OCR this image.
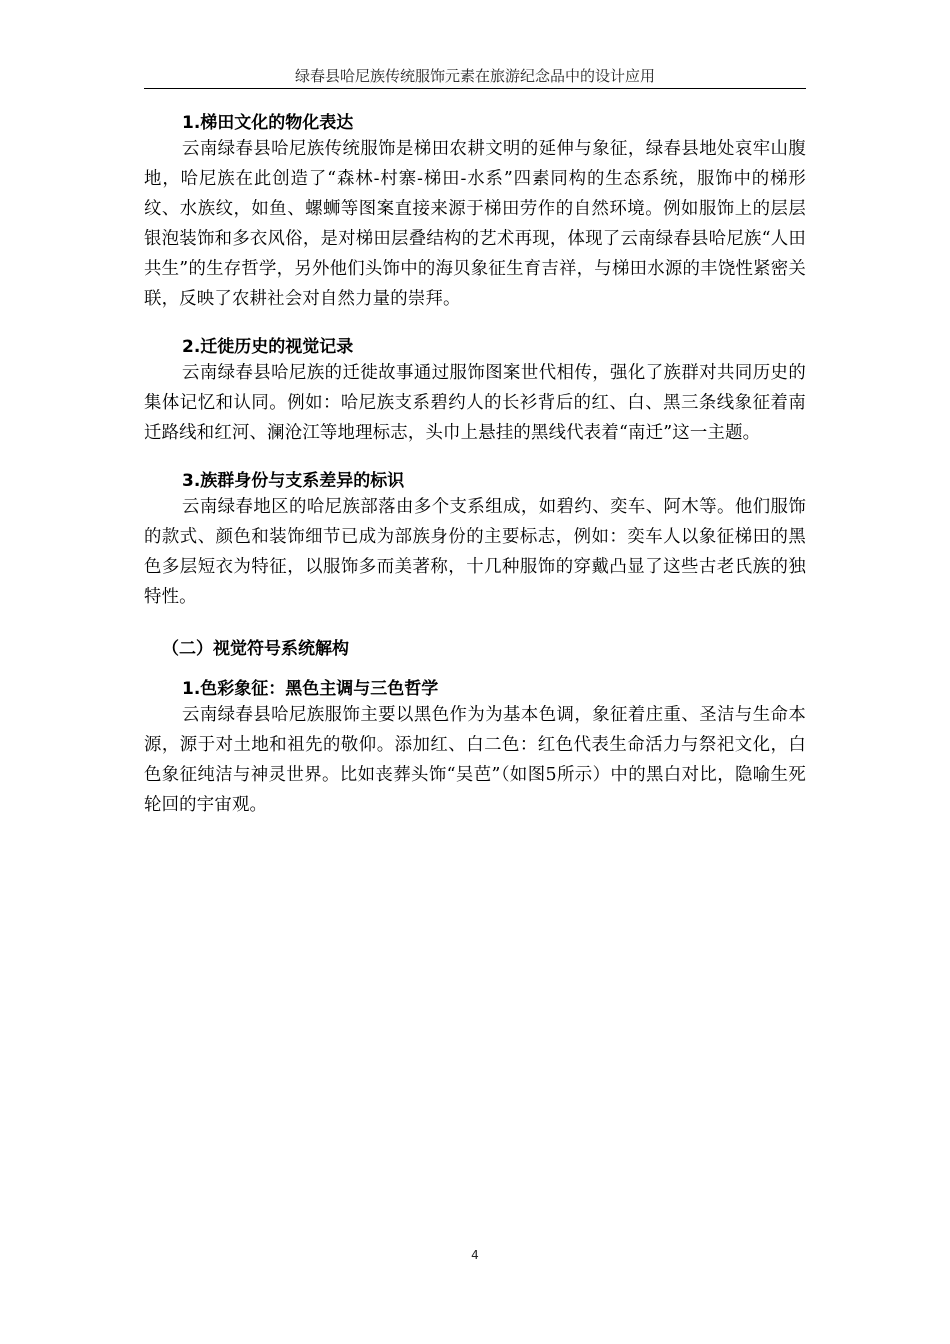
绿春县哈尼族传统服饰元素在旅游纪念品中的设计应用
1.梯田文化的物化表达

云南绿春县哈尼族传统服饰是梯田农耕文明的延伸与象征，绿春县地处哀牢山腹地，哈尼族在此创造了“森林-村寨-梯田-水系”四素同构的生态系统，服饰中的梯形纹、水族纹，如鱼、螺蛳等图案直接来源于梯田劳作的自然环境。例如服饰上的层层银泡装饰和多衣风俗，是对梯田层叠结构的艺术再现，体现了云南绿春县哈尼族“人田共生”的生存哲学，另外他们头饰中的海贝象征生育吉祥，与梯田水源的丰饶性紧密关联，反映了农耕社会对自然力量的崇拜。

2.迁徙历史的视觉记录

云南绿春县哈尼族的迁徙故事通过服饰图案世代相传，强化了族群对共同历史的集体记忆和认同。例如：哈尼族支系碧约人的长衫背后的红、白、黑三条线象征着南迁路线和红河、澜沧江等地理标志，头巾上悬挂的黑线代表着“南迁”这一主题。

3.族群身份与支系差异的标识

云南绿春地区的哈尼族部落由多个支系组成，如碧约、奕车、阿木等。他们服饰的款式、颜色和装饰细节已成为部族身份的主要标志，例如：奕车人以象征梯田的黑色多层短衣为特征，以服饰多而美著称，十几种服饰的穿戴凸显了这些古老氏族的独特性。

（二）视觉符号系统解构
1.色彩象征：黑色主调与三色哲学

云南绿春县哈尼族服饰主要以黑色作为为基本色调，象征着庄重、圣洁与生命本源，源于对土地和祖先的敬仰。添加红、白二色：红色代表生命活力与祭祀文化，白色象征纯洁与神灵世界。比如丧葬头饰“吴芭”（如图5所示）中的黑白对比，隐喻生死轮回的宇宙观。

4
